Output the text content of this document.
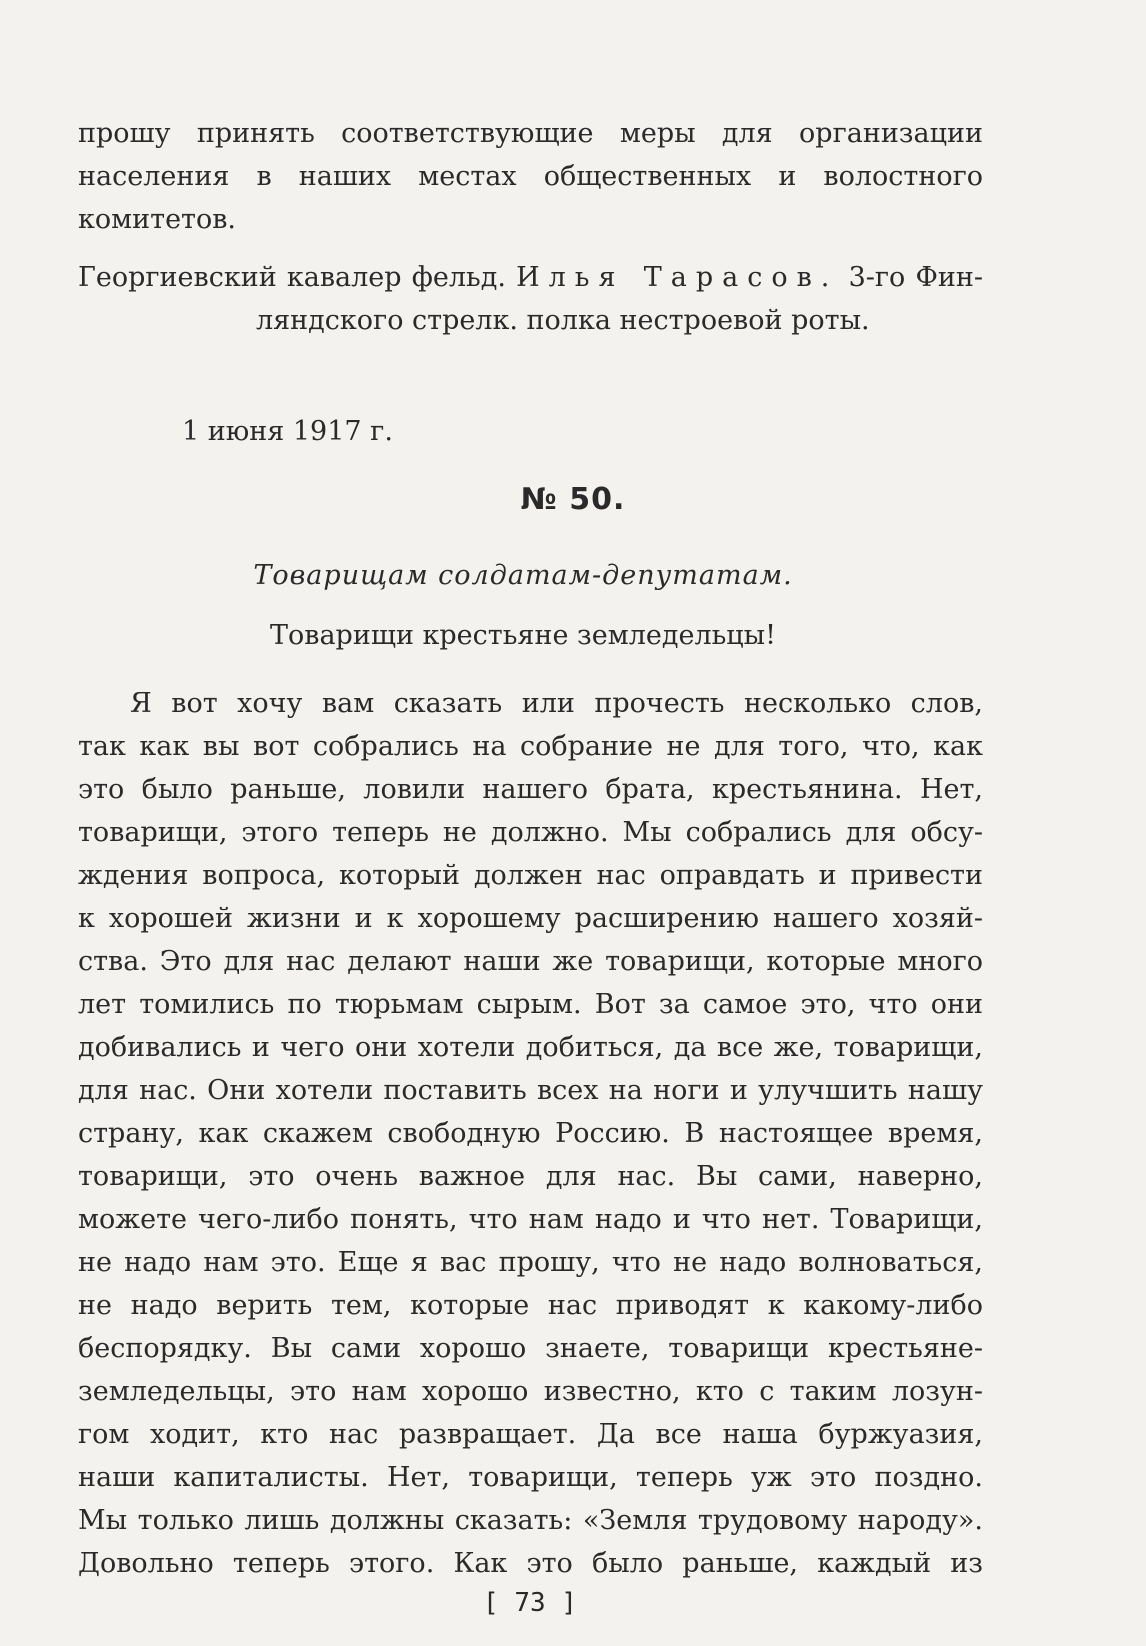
прошу принять соответствующие меры для организации
населения в наших местах общественных и волостного
комитетов.
Георгиевский кавалер фельд. Илья Тарасов. 3-го Фин-
ляндского стрелк. полка нестроевой роты.
1 июня 1917 г.
№ 50.
Товарищам солдатам-депутатам.
Товарищи крестьяне земледельцы!
Я вот хочу вам сказать или прочесть несколько слов,
так как вы вот собрались на собрание не для того, что, как
это было раньше, ловили нашего брата, крестьянина. Нет,
товарищи, этого теперь не должно. Мы собрались для обсу-
ждения вопроса, который должен нас оправдать и привести
к хорошей жизни и к хорошему расширению нашего хозяй-
ства. Это для нас делают наши же товарищи, которые много
лет томились по тюрьмам сырым. Вот за самое это, что они
добивались и чего они хотели добиться, да все же, товарищи,
для нас. Они хотели поставить всех на ноги и улучшить нашу
страну, как скажем свободную Россию. В настоящее время,
товарищи, это очень важное для нас. Вы сами, наверно,
можете чего-либо понять, что нам надо и что нет. Товарищи,
не надо нам это. Еще я вас прошу, что не надо волноваться,
не надо верить тем, которые нас приводят к какому-либо
беспорядку. Вы сами хорошо знаете, товарищи крестьяне-
земледельцы, это нам хорошо известно, кто с таким лозун-
гом ходит, кто нас развращает. Да все наша буржуазия,
наши капиталисты. Нет, товарищи, теперь уж это поздно.
Мы только лишь должны сказать: «Земля трудовому народу».
Довольно теперь этого. Как это было раньше, каждый из
[ 73 ]
